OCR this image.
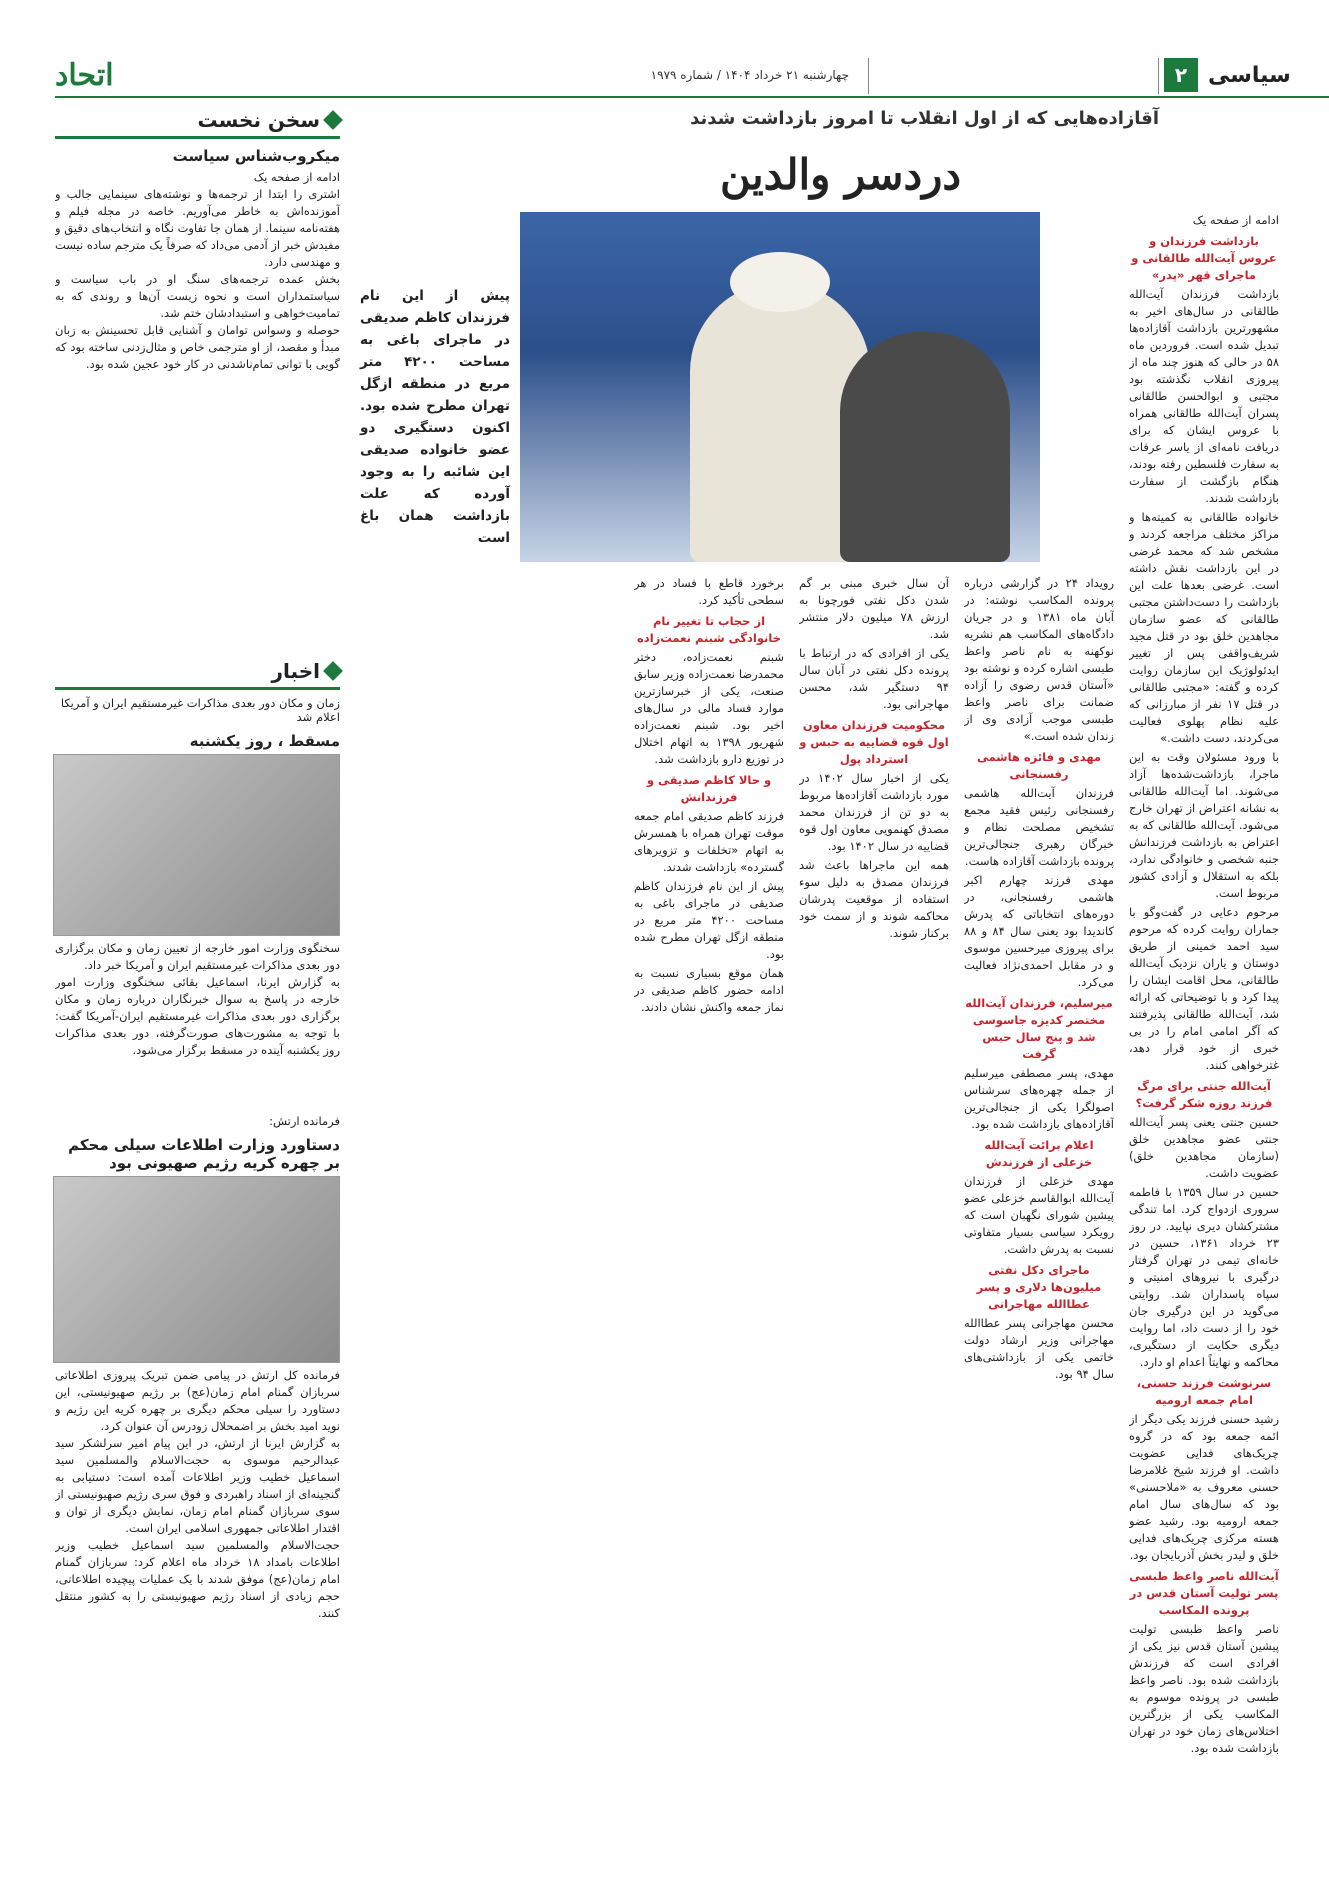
سیاسی
۲
چهارشنبه ۲۱ خرداد ۱۴۰۴ / شماره ۱۹۷۹
اتحاد
آقازاده‌هایی که از اول انقلاب تا امروز بازداشت شدند
دردسر والدین
پیش از این نام فرزندان کاظم صدیقی در ماجرای باغی به مساحت ۴۲۰۰ متر مربع در منطقه ازگل تهران مطرح شده بود. اکنون دستگیری دو عضو خانواده صدیقی این شائبه را به وجود آورده که علت بازداشت همان باغ است

ادامه از صفحه یک

بازداشت فرزندان و عروس آیت‌الله طالقانی و ماجرای قهر «پدر»

بازداشت فرزندان آیت‌الله طالقانی در سال‌های اخیر به مشهورترین بازداشت آقازاده‌ها تبدیل شده است. فروردین ماه ۵۸ در حالی که هنوز چند ماه از پیروزی انقلاب نگذشته بود مجتبی و ابوالحسن طالقانی پسران آیت‌الله طالقانی همراه با عروس ایشان که برای دریافت نامه‌ای از یاسر عرفات به سفارت فلسطین رفته بودند، هنگام بازگشت از سفارت بازداشت شدند.

خانواده طالقانی به کمیته‌ها و مراکز مختلف مراجعه کردند و مشخص شد که محمد غرضی در این بازداشت نقش داشته است. غرضی بعدها علت این بازداشت را دست‌داشتن مجتبی طالقانی که عضو سازمان مجاهدین خلق بود در قتل مجید شریف‌واقفی پس از تغییر ایدئولوژیک این سازمان روایت کرده و گفته: «مجتبی طالقانی در قتل ۱۷ نفر از مبارزانی که علیه نظام پهلوی فعالیت می‌کردند، دست داشت.»

با ورود مسئولان وقت به این ماجرا، بازداشت‌شده‌ها آزاد می‌شوند. اما آیت‌الله طالقانی به نشانه اعتراض از تهران خارج می‌شود. آیت‌الله طالقانی که به اعتراض به بازداشت فرزندانش جنبه شخصی و خانوادگی ندارد، بلکه به استقلال و آزادی کشور مربوط است.

مرحوم دعایی در گفت‌وگو با جماران روایت کرده که مرحوم سید احمد خمینی از طریق دوستان و یاران نزدیک آیت‌الله طالقانی، محل اقامت ایشان را پیدا کرد و با توضیحاتی که ارائه شد، آیت‌الله طالقانی پذیرفتند که آگر امامی امام را در بی خبری از خود قرار دهد، غترخواهی کنند.

آیت‌الله جنتی برای مرگ فرزند روزه شکر گرفت؟

حسین جنتی یعنی پسر آیت‌الله جنتی عضو مجاهدین خلق (سازمان مجاهدین خلق) عضویت داشت.

حسین در سال ۱۳۵۹ با فاطمه سروری ازدواج کرد. اما تندگی مشترکشان دیری نپایید. در روز ۲۳ خرداد ۱۳۶۱، حسین در خانه‌ای تیمی در تهران گرفتار درگیری با نیروهای امنیتی و سپاه پاسداران شد. روایتی می‌گوید در این درگیری جان خود را از دست داد، اما روایت دیگری حکایت از دستگیری، محاکمه و نهایتاً اعدام او دارد.

سرنوشت فرزند حسنی، امام جمعه ارومیه

رشید حسنی فرزند یکی دیگر از ائمه جمعه بود که در گروه چریک‌های فدایی عضویت داشت. او فرزند شیخ غلامرضا حسنی معروف به «ملاحسنی» بود که سال‌های سال امام جمعه ارومیه بود. رشید عضو هسته مرکزی چریک‌های فدایی خلق و لیدر بخش آذربایجان بود.

آیت‌الله ناصر واعظ طبسی پسر تولیت آستان قدس در پرونده المکاسب

ناصر واعظ طبسی تولیت پیشین آستان قدس نیز یکی از افرادی است که فرزندش بازداشت شده بود. ناصر واعظ طبسی در پرونده موسوم به المکاسب یکی از بزرگترین اختلاس‌های زمان خود در تهران بازداشت شده بود.

رویداد ۲۴ در گزارشی درباره پرونده المکاسب نوشته: در آبان ماه ۱۳۸۱ و در جریان دادگاه‌های المکاسب هم نشریه نوکهنه به نام ناصر واعظ طبسی اشاره کرده و نوشته بود «آستان قدس رضوی را آزاده ضمانت برای ناصر واعظ طبسی موجب آزادی وی از زندان شده است.»

مهدی و فائزه هاشمی رفسنجانی

فرزندان آیت‌الله هاشمی رفسنجانی رئیس فقید مجمع تشخیص مصلحت نظام و خبرگان رهبری جنجالی‌ترین پرونده بازداشت آقازاده هاست.

مهدی فرزند چهارم اکبر هاشمی رفسنجانی، در دوره‌های انتخاباتی که پدرش کاندیدا بود یعنی سال ۸۴ و ۸۸ برای پیروزی میرحسین موسوی و در مقابل احمدی‌نژاد فعالیت می‌کرد.

میرسلیم، فرزندان آیت‌الله مختصر کدیزه جاسوسی شد و پنج سال حبس گرفت

مهدی، پسر مصطفی میرسلیم از جمله چهره‌های سرشناس اصولگرا یکی از جنجالی‌ترین آقازاده‌های بازداشت شده بود.

اعلام برائت آیت‌الله خزعلی از فرزندش

مهدی خزعلی از فرزندان آیت‌الله ابوالقاسم خزعلی عضو پیشین شورای نگهبان است که رویکرد سیاسی بسیار متفاوتی نسبت به پدرش داشت.

ماجرای دکل نفتی میلیون‌ها دلاری و پسر عطاالله مهاجرانی

محسن مهاجرانی پسر عطاالله مهاجرانی وزیر ارشاد دولت خاتمی یکی از بازداشتی‌های سال ۹۴ بود.

آن سال خبری مبنی بر گم شدن دکل نفتی فورچونا به ارزش ۷۸ میلیون دلار منتشر شد.

یکی از افرادی که در ارتباط با پرونده دکل نفتی در آبان سال ۹۴ دستگیر شد، محسن مهاجرانی بود.

محکومیت فرزندان معاون اول قوه قضاییه به حبس و استرداد پول

یکی از اخبار سال ۱۴۰۲ در مورد بازداشت آقازاده‌ها مربوط به دو تن از فرزندان محمد مصدق کهنمویی معاون اول قوه قضاییه در سال ۱۴۰۲ بود.

همه این ماجراها باعث شد فرزندان مصدق به دلیل سوء استفاده از موقعیت پدرشان محاکمه شوند و از سمت خود برکنار شوند.

برخورد قاطع با فساد در هر سطحی تأکید کرد.

از حجاب تا تغییر نام خانوادگی شبنم نعمت‌زاده

شبنم نعمت‌زاده، دختر محمدرضا نعمت‌زاده وزیر سابق صنعت، یکی از خبرسازترین موارد فساد مالی در سال‌های اخیر بود. شبنم نعمت‌زاده شهریور ۱۳۹۸ به اتهام اختلال در توزیع دارو بازداشت شد.

و حالا کاظم صدیقی و فرزندانش

فرزند کاظم صدیقی امام جمعه موقت تهران همراه با همسرش به اتهام «تخلفات و تزویرهای گسترده» بازداشت شدند.

پیش از این نام فرزندان کاظم صدیقی در ماجرای باغی به مساحت ۴۲۰۰ متر مربع در منطقه ازگل تهران مطرح شده بود.

همان موقع بسیاری نسبت به ادامه حضور کاظم صدیقی در نماز جمعه واکنش نشان دادند.

سخن نخست
میکروب‌شناس سیاست

ادامه از صفحه یک

اشتری را ابتدا از ترجمه‌ها و نوشته‌های سینمایی جالب و آموزنده‌اش به خاطر می‌آوریم. خاصه در مجله فیلم و هفته‌نامه سینما. از همان جا تفاوت نگاه و انتخاب‌های دقیق و مفیدش خبر از آدمی می‌داد که صرفاً یک مترجم ساده نیست و مهندسی دارد.

بخش عمده ترجمه‌های سنگ او در باب سیاست و سیاستمداران است و نحوه زیست آن‌ها و روندی که به تمامیت‌خواهی و استبدادشان ختم شد.

حوصله و وسواس توامان و آشنایی قابل تحسینش به زبان مبدأ و مقصد، از او مترجمی خاص و مثال‌زدنی ساخته بود که گویی با توانی تمام‌ناشدنی در کار خود عجین شده بود.

اخبار
زمان و مکان دور بعدی مذاکرات غیرمستقیم ایران و آمریکا اعلام شد
مسقط ، روز یکشنبه

سخنگوی وزارت امور خارجه از تعیین زمان و مکان برگزاری دور بعدی مذاکرات غیرمستقیم ایران و آمریکا خبر داد.

به گزارش ایرنا، اسماعیل بقائی سخنگوی وزارت امور خارجه در پاسخ به سوال خبرنگاران درباره زمان و مکان برگزاری دور بعدی مذاکرات غیرمستقیم ایران-آمریکا گفت: با توجه به مشورت‌های صورت‌گرفته، دور بعدی مذاکرات روز یکشنبه آینده در مسقط برگزار می‌شود.

فرمانده ارتش:
دستاورد وزارت اطلاعات سیلی محکم بر چهره کریه رژیم صهیونی بود

فرمانده کل ارتش در پیامی ضمن تبریک پیروزی اطلاعاتی سربازان گمنام امام زمان(عج) بر رژیم صهیونیستی، این دستاورد را سیلی محکم دیگری بر چهره کریه این رژیم و نوید امید بخش بر اضمحلال زودرس آن عنوان کرد.

به گزارش ایرنا از ارتش، در این پیام امیر سرلشکر سید عبدالرحیم موسوی به حجت‌الاسلام والمسلمین سید اسماعیل خطیب وزیر اطلاعات آمده است: دستیابی به گنجینه‌ای از اسناد راهبردی و فوق سری رژیم صهیونیستی از سوی سربازان گمنام امام زمان، نمایش دیگری از توان و اقتدار اطلاعاتی جمهوری اسلامی ایران است.

حجت‌الاسلام والمسلمین سید اسماعیل خطیب وزیر اطلاعات بامداد ۱۸ خرداد ماه اعلام کرد: سربازان گمنام امام زمان(عج) موفق شدند با یک عملیات پیچیده اطلاعاتی، حجم زیادی از اسناد رژیم صهیونیستی را به کشور منتقل کنند.
